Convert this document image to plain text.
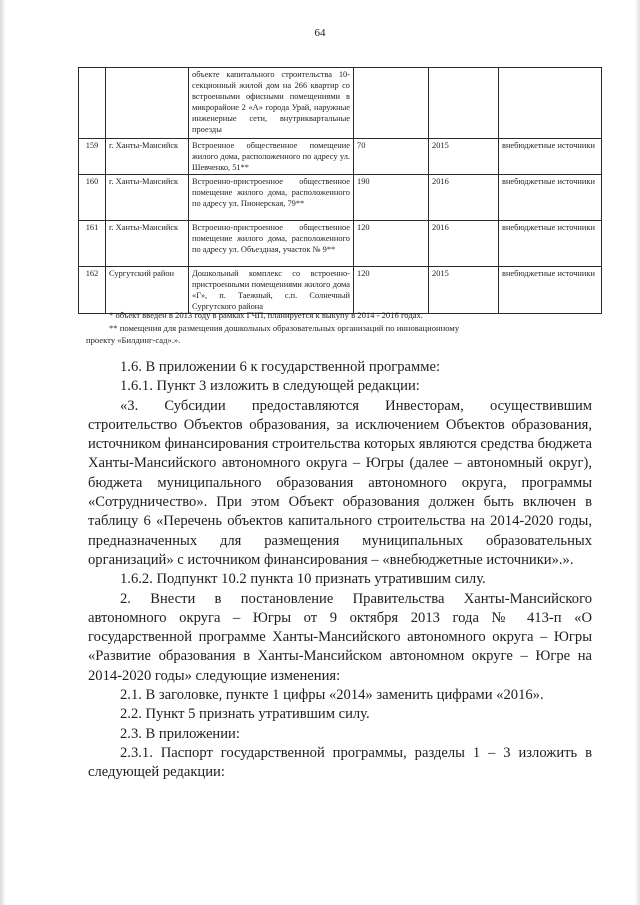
64
		объекте капитального строительства 10-секционный жилой дом на 266 квартир со встроенными офисными помещениями в микрорайоне 2 «А» города Урай, наружные инженерные сети, внутриквартальные проезды			
159	г. Ханты-Мансийск	Встроенное общественное помещение жилого дома, расположенного по адресу ул. Шевченко, 51**	70	2015	внебюджетные источники
160	г. Ханты-Мансийск	Встроенно-пристроенное общественное помещение жилого дома, расположенного по адресу ул. Пионерская, 79**	190	2016	внебюджетные источники
161	г. Ханты-Мансийск	Встроенно-пристроенное общественное помещение жилого дома, расположенного по адресу ул. Объездная, участок № 9**	120	2016	внебюджетные источники
162	Сургутский район	Дошкольный комплекс со встроенно-пристроенными помещениями жилого дома «Г», п. Таежный, с.п. Солнечный Сургутского района	120	2015	внебюджетные источники
* объект введен в 2013 году в рамках ГЧП, планируется к выкупу в 2014 - 2016 годах.
** помещения для размещения дошкольных образовательных организаций по инновационному
проекту «Билдинг-сад».».

1.6. В приложении 6 к государственной программе:

1.6.1. Пункт 3 изложить в следующей редакции:

«3. Субсидии предоставляются Инвесторам, осуществившим строительство Объектов образования, за исключением Объектов образования, источником финансирования строительства которых являются средства бюджета Ханты-Мансийского автономного округа – Югры (далее – автономный округ), бюджета муниципального образования автономного округа, программы «Сотрудничество». При этом Объект образования должен быть включен в таблицу 6 «Перечень объектов капитального строительства на 2014-2020 годы, предназначенных для размещения муниципальных образовательных организаций» с источником финансирования – «внебюджетные источники».».

1.6.2. Подпункт 10.2 пункта 10 признать утратившим силу.

2. Внести в постановление Правительства Ханты-Мансийского автономного округа – Югры от 9 октября 2013 года № 413-п «О государственной программе Ханты-Мансийского автономного округа – Югры «Развитие образования в Ханты-Мансийском автономном округе – Югре на 2014-2020 годы» следующие изменения:

2.1. В заголовке, пункте 1 цифры «2014» заменить цифрами «2016».

2.2. Пункт 5 признать утратившим силу.

2.3. В приложении:

2.3.1. Паспорт государственной программы, разделы 1 – 3 изложить в следующей редакции:
